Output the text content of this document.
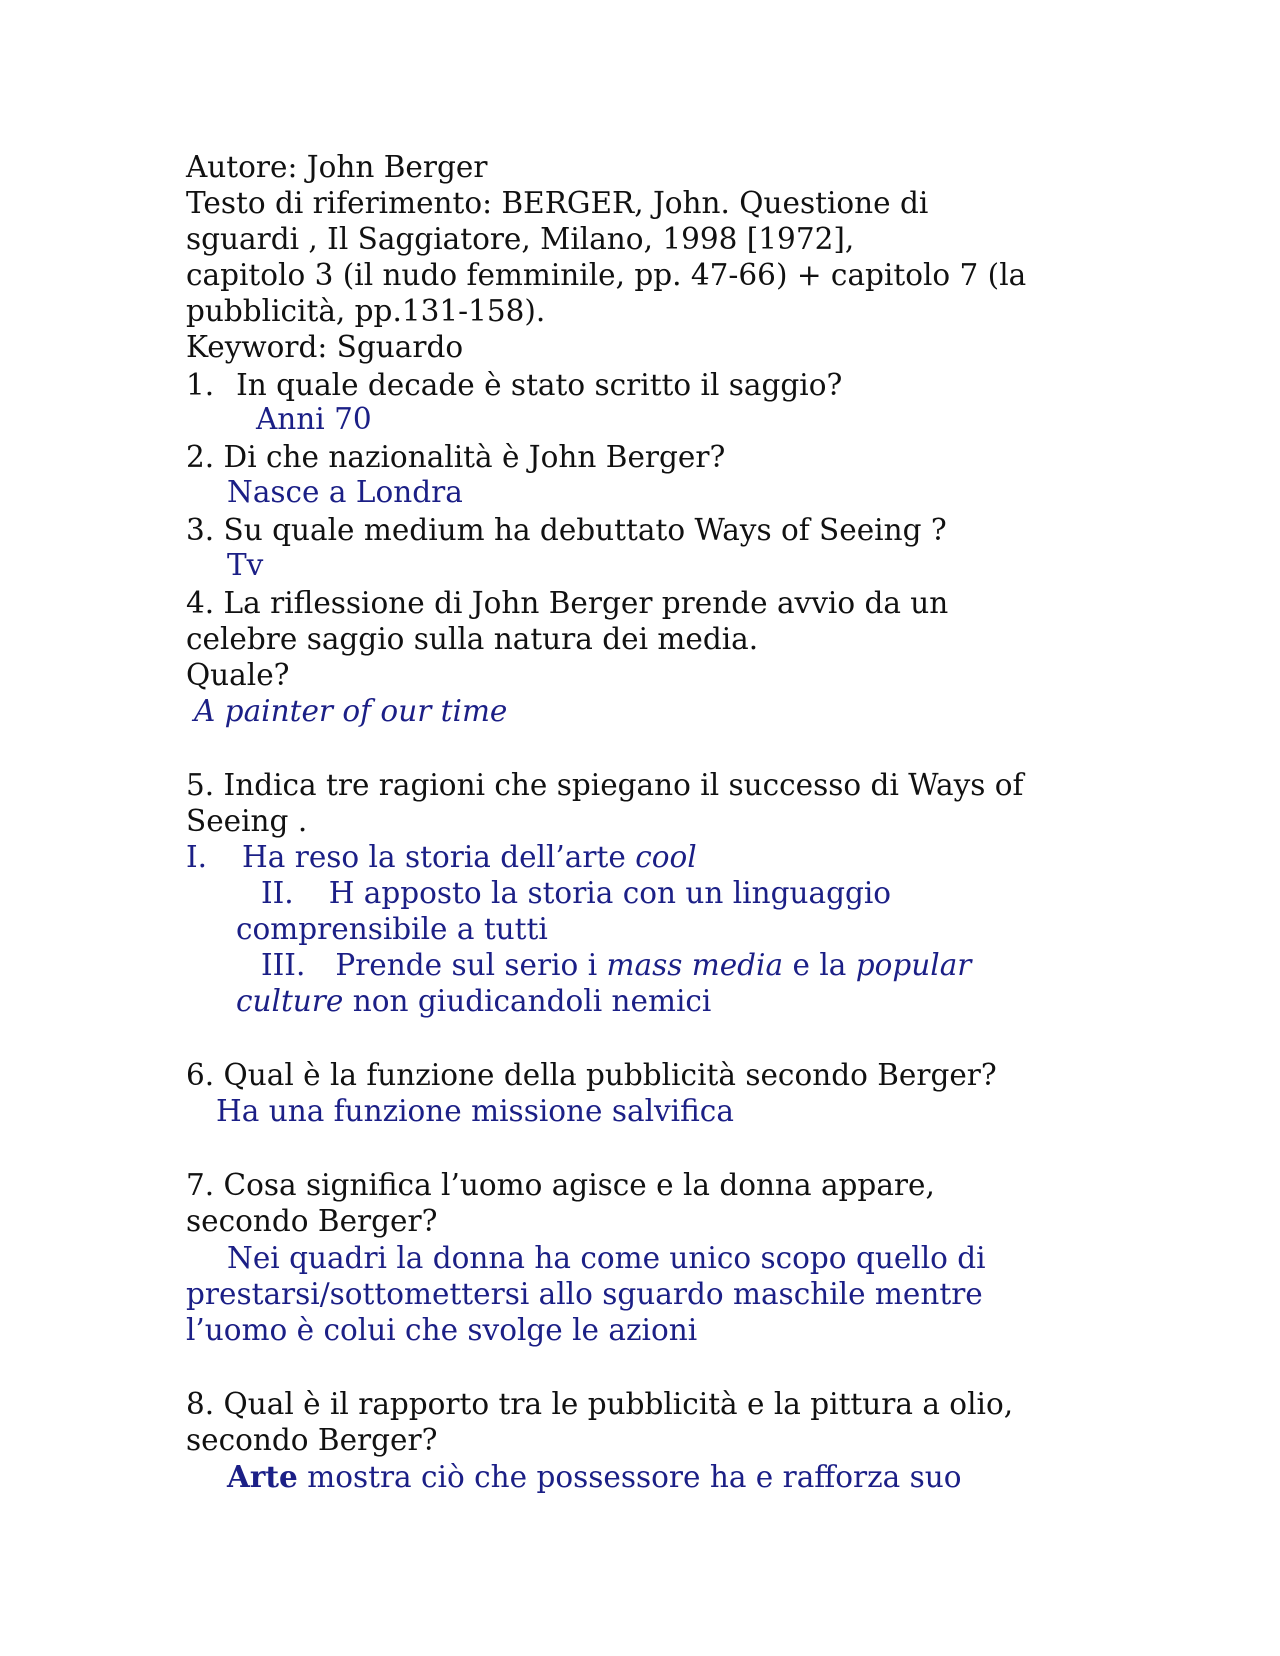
Autore: John Berger
Testo di riferimento: BERGER, John. Questione di
sguardi , Il Saggiatore, Milano, 1998 [1972],
capitolo 3 (il nudo femminile, pp. 47-66) + capitolo 7 (la
pubblicità, pp.131-158).
Keyword: Sguardo
1. In quale decade è stato scritto il saggio?
Anni 70
2. Di che nazionalità è John Berger?
Nasce a Londra
3. Su quale medium ha debuttato Ways of Seeing ?
Tv
4. La riflessione di John Berger prende avvio da un
celebre saggio sulla natura dei media.
Quale?
A painter of our time
5. Indica tre ragioni che spiegano il successo di Ways of
Seeing .
I. Ha reso la storia dell’arte cool
II. H apposto la storia con un linguaggio
comprensibile a tutti
III. Prende sul serio i mass media e la popular
culture non giudicandoli nemici
6. Qual è la funzione della pubblicità secondo Berger?
Ha una funzione missione salvifica
7. Cosa significa l’uomo agisce e la donna appare,
secondo Berger?
Nei quadri la donna ha come unico scopo quello di
prestarsi/sottomettersi allo sguardo maschile mentre
l’uomo è colui che svolge le azioni
8. Qual è il rapporto tra le pubblicità e la pittura a olio,
secondo Berger?
Arte mostra ciò che possessore ha e rafforza suo
